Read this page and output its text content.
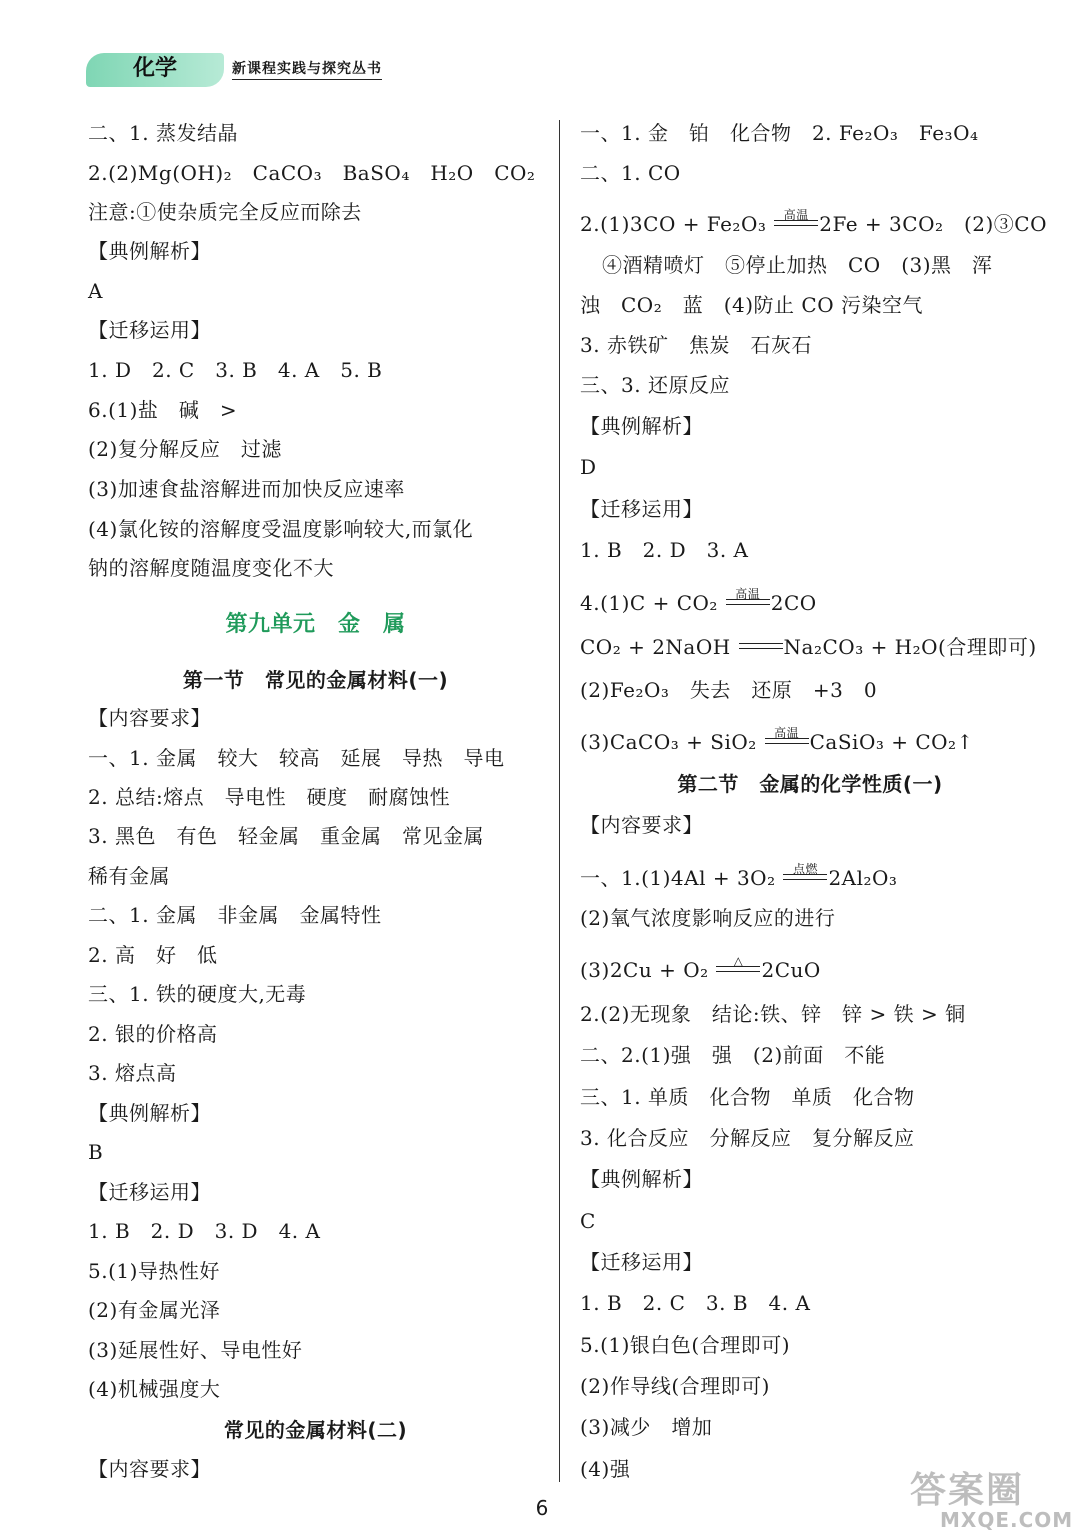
化学	新课程实践与探究丛书
二、1. 蒸发结晶
2.(2)Mg(OH)₂　CaCO₃　BaSO₄　H₂O　CO₂
注意:①使杂质完全反应而除去
【典例解析】
A
【迁移运用】
1. D　2. C　3. B　4. A　5. B
6.(1)盐　碱　>
(2)复分解反应　过滤
(3)加速食盐溶解进而加快反应速率
(4)氯化铵的溶解度受温度影响较大,而氯化
钠的溶解度随温度变化不大
第九单元　金　属
第一节　常见的金属材料(一)
【内容要求】
一、1. 金属　较大　较高　延展　导热　导电
2. 总结:熔点　导电性　硬度　耐腐蚀性
3. 黑色　有色　轻金属　重金属　常见金属
稀有金属
二、1. 金属　非金属　金属特性
2. 高　好　低
三、1. 铁的硬度大,无毒
2. 银的价格高
3. 熔点高
【典例解析】
B
【迁移运用】
1. B　2. D　3. D　4. A
5.(1)导热性好
(2)有金属光泽
(3)延展性好、导电性好
(4)机械强度大
常见的金属材料(二)
【内容要求】
一、1. 金　铂　化合物　2. Fe₂O₃　Fe₃O₄
二、1. CO
2.(1)3CO + Fe₂O₃ 高温 2Fe + 3CO₂　(2)③CO
④酒精喷灯　⑤停止加热　CO　(3)黑　浑
浊　CO₂　蓝　(4)防止 CO 污染空气
3. 赤铁矿　焦炭　石灰石
三、3. 还原反应
【典例解析】
D
【迁移运用】
1. B　2. D　3. A
4.(1)C + CO₂ 高温 2CO
CO₂ + 2NaOH Na₂CO₃ + H₂O(合理即可)
(2)Fe₂O₃　失去　还原　+3　0
(3)CaCO₃ + SiO₂ 高温 CaSiO₃ + CO₂↑
第二节　金属的化学性质(一)
【内容要求】
一、1.(1)4Al + 3O₂ 点燃 2Al₂O₃
(2)氧气浓度影响反应的进行
(3)2Cu + O₂	△ 2CuO
2.(2)无现象　结论:铁、锌　锌 > 铁 > 铜
二、2.(1)强　强　(2)前面　不能
三、1. 单质　化合物　单质　化合物
3. 化合反应　分解反应　复分解反应
【典例解析】
C
【迁移运用】
1. B　2. C　3. B　4. A
5.(1)银白色(合理即可)
(2)作导线(合理即可)
(3)减少　增加
(4)强
6	答案圈
MXQE.COM
